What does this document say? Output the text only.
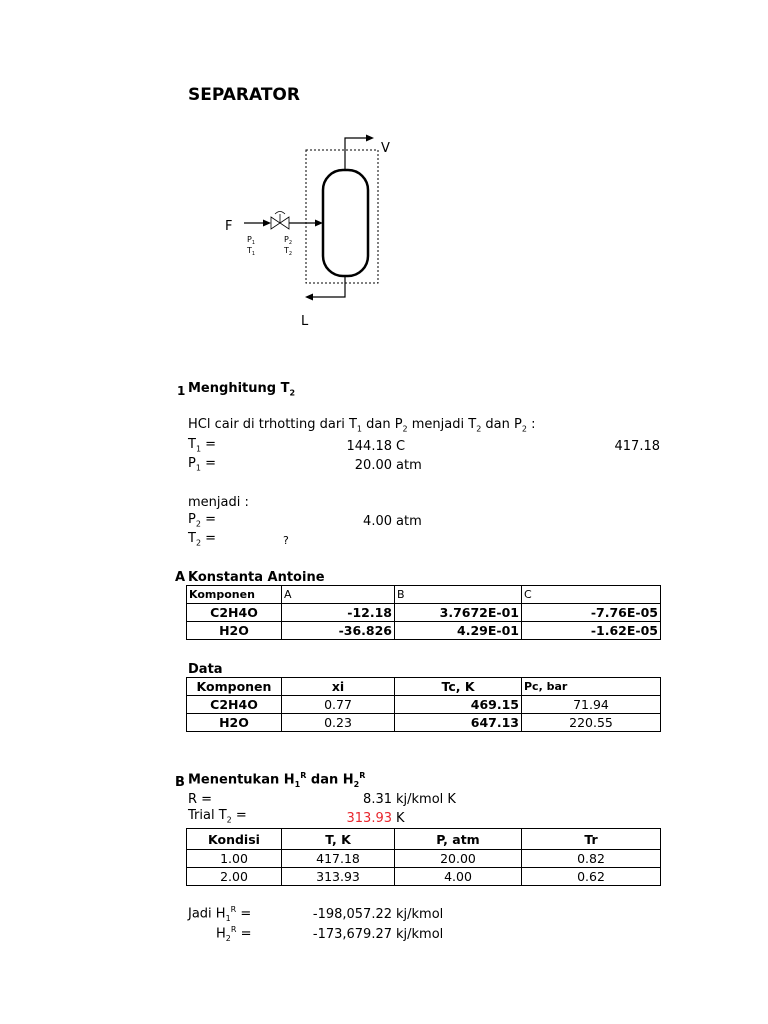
SEPARATOR
V
L
F
$P_1$
$T_1$
$P_2$
$T_2$
1 Menghitung $T_2$
HCl cair di trhotting dari $T_1$ dan $P_2$ menjadi $T_2$ dan $P_2$ :
$T_1$ =	144.18 C	417.18
$P_1$ =	20.00 atm
menjadi :
$P_2$ =	4.00 atm
$T_2$ =	?
A Konstanta Antoine
Komponen	A	B	C
C2H4O	-12.18	3.7672E-01	-7.76E-05
H2O	-36.826	4.29E-01	-1.62E-05
Data
Komponen	xi	Tc, K	Pc, bar
C2H4O	0.77	469.15	71.94
H2O	0.23	647.13	220.55
B Menentukan $H_1^R$ dan $H_2^R$
R =	8.31 kj/kmol K
Trial $T_2$ =	313.93 K
Kondisi	T, K	P, atm	Tr
1.00	417.18	20.00	0.82
2.00	313.93	4.00	0.62
Jadi $H_1^R$ =	-198,057.22 kj/kmol
$H_2^R$ =	-173,679.27 kj/kmol
